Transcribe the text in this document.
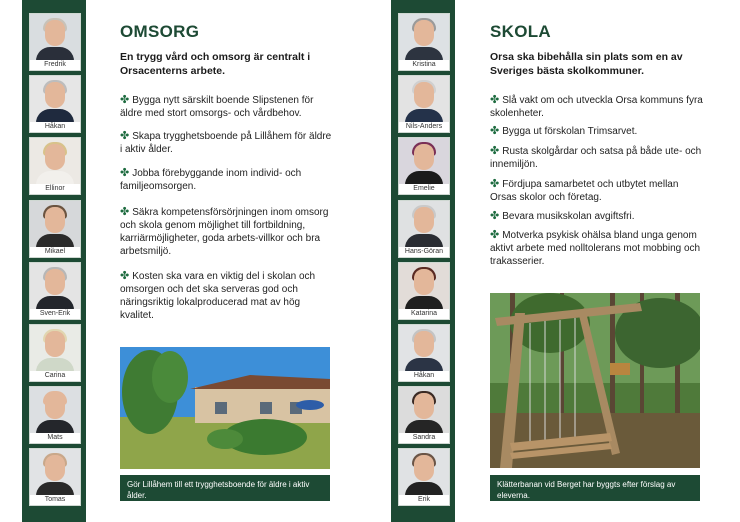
Fredrik
Håkan
Ellinor
Mikael
Sven-Erik
Carina
Mats
Tomas
OMSORG
En trygg vård och omsorg är centralt i Orsacenterns arbete.
✤ Bygga nytt särskilt boende Slipstenen för äldre med stort omsorgs- och vårdbehov.
✤ Skapa trygghetsboende på Lillåhem för äldre i aktiv ålder.
✤ Jobba förebyggande inom individ- och familjeomsorgen.
✤ Säkra kompetensförsörjningen inom omsorg och skola genom möjlighet till fortbildning, karriärmöjligheter, goda arbets-villkor och bra arbetsmiljö.
✤ Kosten ska vara en viktig del i skolan och omsorgen och det ska serveras god och näringsriktig lokalproducerad mat av hög kvalitet.
Gör Lillåhem till ett trygghetsboende för äldre i aktiv ålder.
Kristina
Nils-Anders
Emelie
Hans-Göran
Katarina
Håkan
Sandra
Erik
SKOLA
Orsa ska bibehålla sin plats som en av Sveriges bästa skolkommuner.
✤ Slå vakt om och utveckla Orsa kommuns fyra skolenheter.
✤ Bygga ut förskolan Trimsarvet.
✤ Rusta skolgårdar och satsa på både ute- och innemiljön.
✤ Fördjupa samarbetet och utbytet mellan Orsas skolor och företag.
✤ Bevara musikskolan avgiftsfri.
✤ Motverka psykisk ohälsa bland unga genom aktivt arbete med nolltolerans mot mobbing och trakasserier.
Klätterbanan vid Berget har byggts efter förslag av eleverna.
